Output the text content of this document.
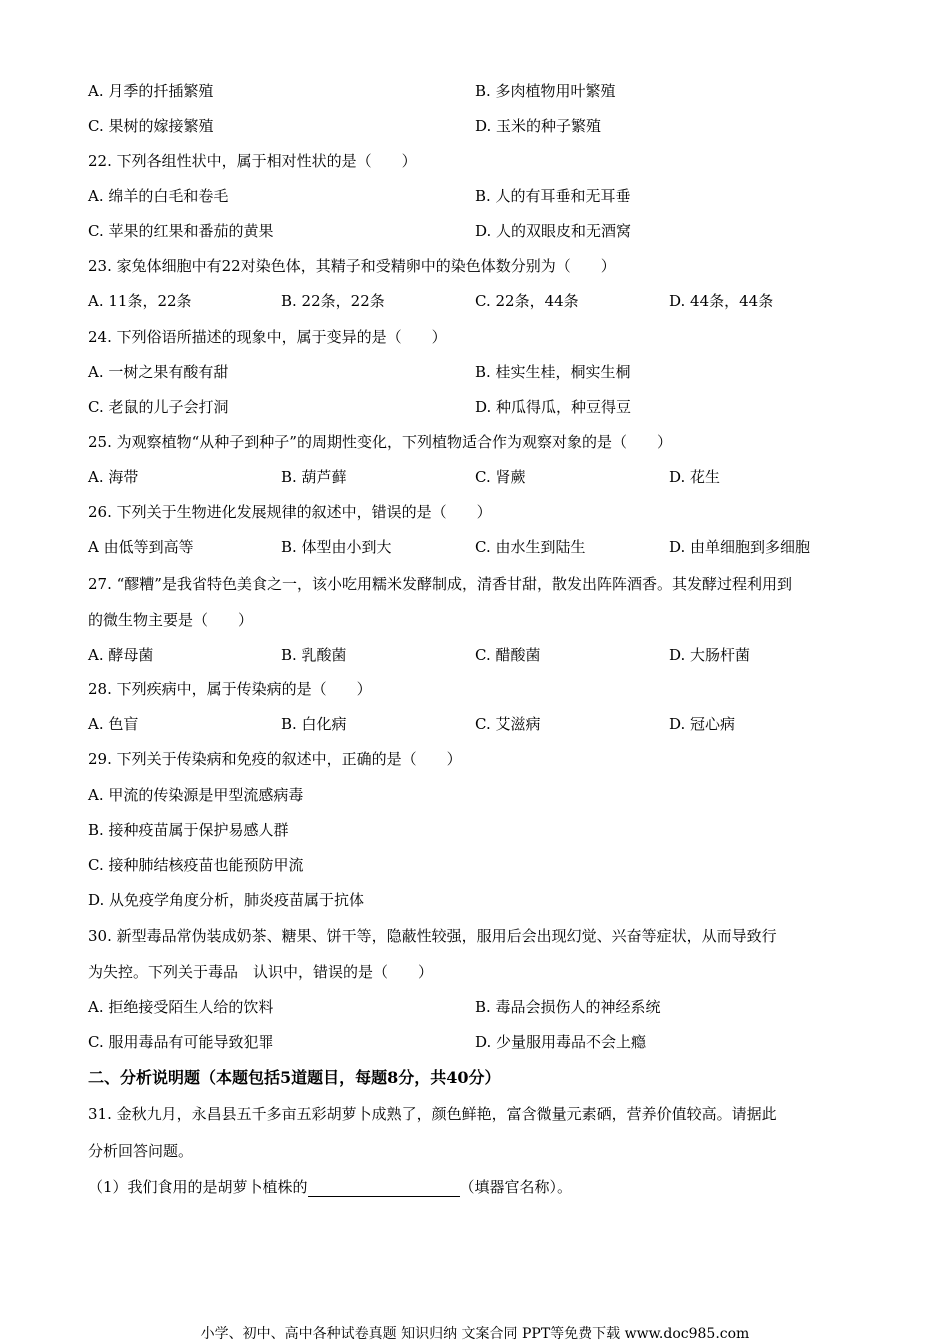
A. 月季的扦插繁殖	B. 多肉植物用叶繁殖
C. 果树的嫁接繁殖	D. 玉米的种子繁殖
22. 下列各组性状中，属于相对性状的是（　　）
A. 绵羊的白毛和卷毛	B. 人的有耳垂和无耳垂
C. 苹果的红果和番茄的黄果	D. 人的双眼皮和无酒窝
23. 家兔体细胞中有22对染色体，其精子和受精卵中的染色体数分别为（　　）
A. 11条，22条	B. 22条，22条	C. 22条，44条	D. 44条，44条
24. 下列俗语所描述的现象中，属于变异的是（　　）
A. 一树之果有酸有甜	B. 桂实生桂，桐实生桐
C. 老鼠的儿子会打洞	D. 种瓜得瓜，种豆得豆
25. 为观察植物“从种子到种子”的周期性变化，下列植物适合作为观察对象的是（　　）
A. 海带	B. 葫芦藓	C. 肾蕨	D. 花生
26. 下列关于生物进化发展规律的叙述中，错误的是（　　）
A 由低等到高等	B. 体型由小到大	C. 由水生到陆生	D. 由单细胞到多细胞
27. “醪糟”是我省特色美食之一，该小吃用糯米发酵制成，清香甘甜，散发出阵阵酒香。其发酵过程利用到
的微生物主要是（　　）
A. 酵母菌	B. 乳酸菌	C. 醋酸菌	D. 大肠杆菌
28. 下列疾病中，属于传染病的是（　　）
A. 色盲	B. 白化病	C. 艾滋病	D. 冠心病
29. 下列关于传染病和免疫的叙述中，正确的是（　　）
A. 甲流的传染源是甲型流感病毒
B. 接种疫苗属于保护易感人群
C. 接种肺结核疫苗也能预防甲流
D. 从免疫学角度分析，肺炎疫苗属于抗体
30. 新型毒品常伪装成奶茶、糖果、饼干等，隐蔽性较强，服用后会出现幻觉、兴奋等症状，从而导致行
为失控。下列关于毒品　认识中，错误的是（　　）
A. 拒绝接受陌生人给的饮料	B. 毒品会损伤人的神经系统
C. 服用毒品有可能导致犯罪	D. 少量服用毒品不会上瘾
二、分析说明题（本题包括5道题目，每题8分，共40分）
31. 金秋九月，永昌县五千多亩五彩胡萝卜成熟了，颜色鲜艳，富含微量元素硒，营养价值较高。请据此
分析回答问题。
（1）我们食用的是胡萝卜植株的	（填器官名称）。
小学、初中、高中各种试卷真题 知识归纳 文案合同 PPT等免费下载 www.doc985.com
